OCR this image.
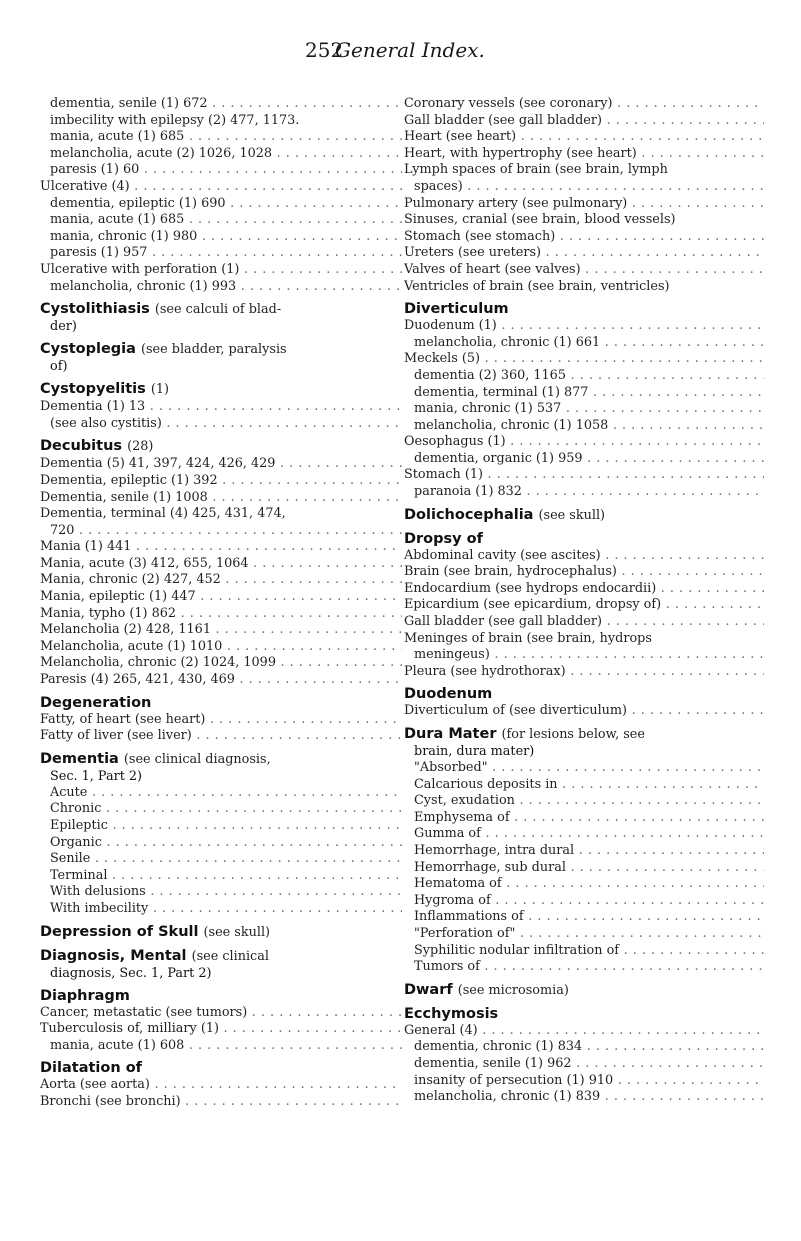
252
General Index.
dementia, senile (1) 672 . . .
imbecility with epilepsy (2) 477, 1173.
mania, acute (1) 685 . . .
melancholia, acute (2) 1026, 1028 . . .
paresis (1) 60 . . .
Ulcerative (4) . . .
dementia, epileptic (1) 690 . . .
mania, acute (1) 685 . . .
mania, chronic (1) 980 . . .
paresis (1) 957 . . .
Ulcerative with perforation (1) . . .
melancholia, chronic (1) 993 . . .
Cystolithiasis (see calculi of blad-
der)
Cystoplegia (see bladder, paralysis
of)
Cystopyelitis (1)
Dementia (1) 13 . . .
(see also cystitis) . . .
Decubitus (28)
Dementia (5) 41, 397, 424, 426, 429 . . .
Dementia, epileptic (1) 392 . . .
Dementia, senile (1) 1008 . . .
Dementia, terminal (4) 425, 431, 474,
720 . . .
Mania (1) 441 . . .
Mania, acute (3) 412, 655, 1064 . . .
Mania, chronic (2) 427, 452 . . .
Mania, epileptic (1) 447 . . .
Mania, typho (1) 862 . . .
Melancholia (2) 428, 1161 . . .
Melancholia, acute (1) 1010 . . .
Melancholia, chronic (2) 1024, 1099 . . .
Paresis (4) 265, 421, 430, 469 . . .
Degeneration
Fatty, of heart (see heart) . . .
Fatty of liver (see liver) . . .
Dementia (see clinical diagnosis,
Sec. 1, Part 2)
Acute . . .
Chronic . . .
Epileptic . . .
Organic . . .
Senile . . .
Terminal . . .
With delusions . . .
With imbecility . . .
Depression of Skull (see skull)
Diagnosis, Mental (see clinical
diagnosis, Sec. 1, Part 2)
Diaphragm
Cancer, metastatic (see tumors) . . .
Tuberculosis of, milliary (1) . . .
mania, acute (1) 608 . . .
Dilatation of
Aorta (see aorta) . . .
Bronchi (see bronchi) . . .
Coronary vessels (see coronary) . . .
Gall bladder (see gall bladder) . . .
Heart (see heart) . . .
Heart, with hypertrophy (see heart) . . .
Lymph spaces of brain (see brain, lymph
spaces) . . .
Pulmonary artery (see pulmonary) . . .
Sinuses, cranial (see brain, blood vessels)
Stomach (see stomach) . . .
Ureters (see ureters) . . .
Valves of heart (see valves) . . .
Ventricles of brain (see brain, ventricles)
Diverticulum
Duodenum (1) . . .
melancholia, chronic (1) 661 . . .
Meckels (5) . . .
dementia (2) 360, 1165 . . .
dementia, terminal (1) 877 . . .
mania, chronic (1) 537 . . .
melancholia, chronic (1) 1058 . . .
Oesophagus (1) . . .
dementia, organic (1) 959 . . .
Stomach (1) . . .
paranoia (1) 832 . . .
Dolichocephalia (see skull)
Dropsy of
Abdominal cavity (see ascites) . . .
Brain (see brain, hydrocephalus) . . .
Endocardium (see hydrops endocardii) . . .
Epicardium (see epicardium, dropsy of) . . .
Gall bladder (see gall bladder) . . .
Meninges of brain (see brain, hydrops
meningeus) . . .
Pleura (see hydrothorax) . . .
Duodenum
Diverticulum of (see diverticulum) . . .
Dura Mater (for lesions below, see
brain, dura mater)
"Absorbed" . . .
Calcarious deposits in . . .
Cyst, exudation . . .
Emphysema of . . .
Gumma of . . .
Hemorrhage, intra dural . . .
Hemorrhage, sub dural . . .
Hematoma of . . .
Hygroma of . . .
Inflammations of . . .
"Perforation of" . . .
Syphilitic nodular infiltration of . . .
Tumors of . . .
Dwarf (see microsomia)
Ecchymosis
General (4) . . .
dementia, chronic (1) 834 . . .
dementia, senile (1) 962 . . .
insanity of persecution (1) 910 . . .
melancholia, chronic (1) 839 . . .
